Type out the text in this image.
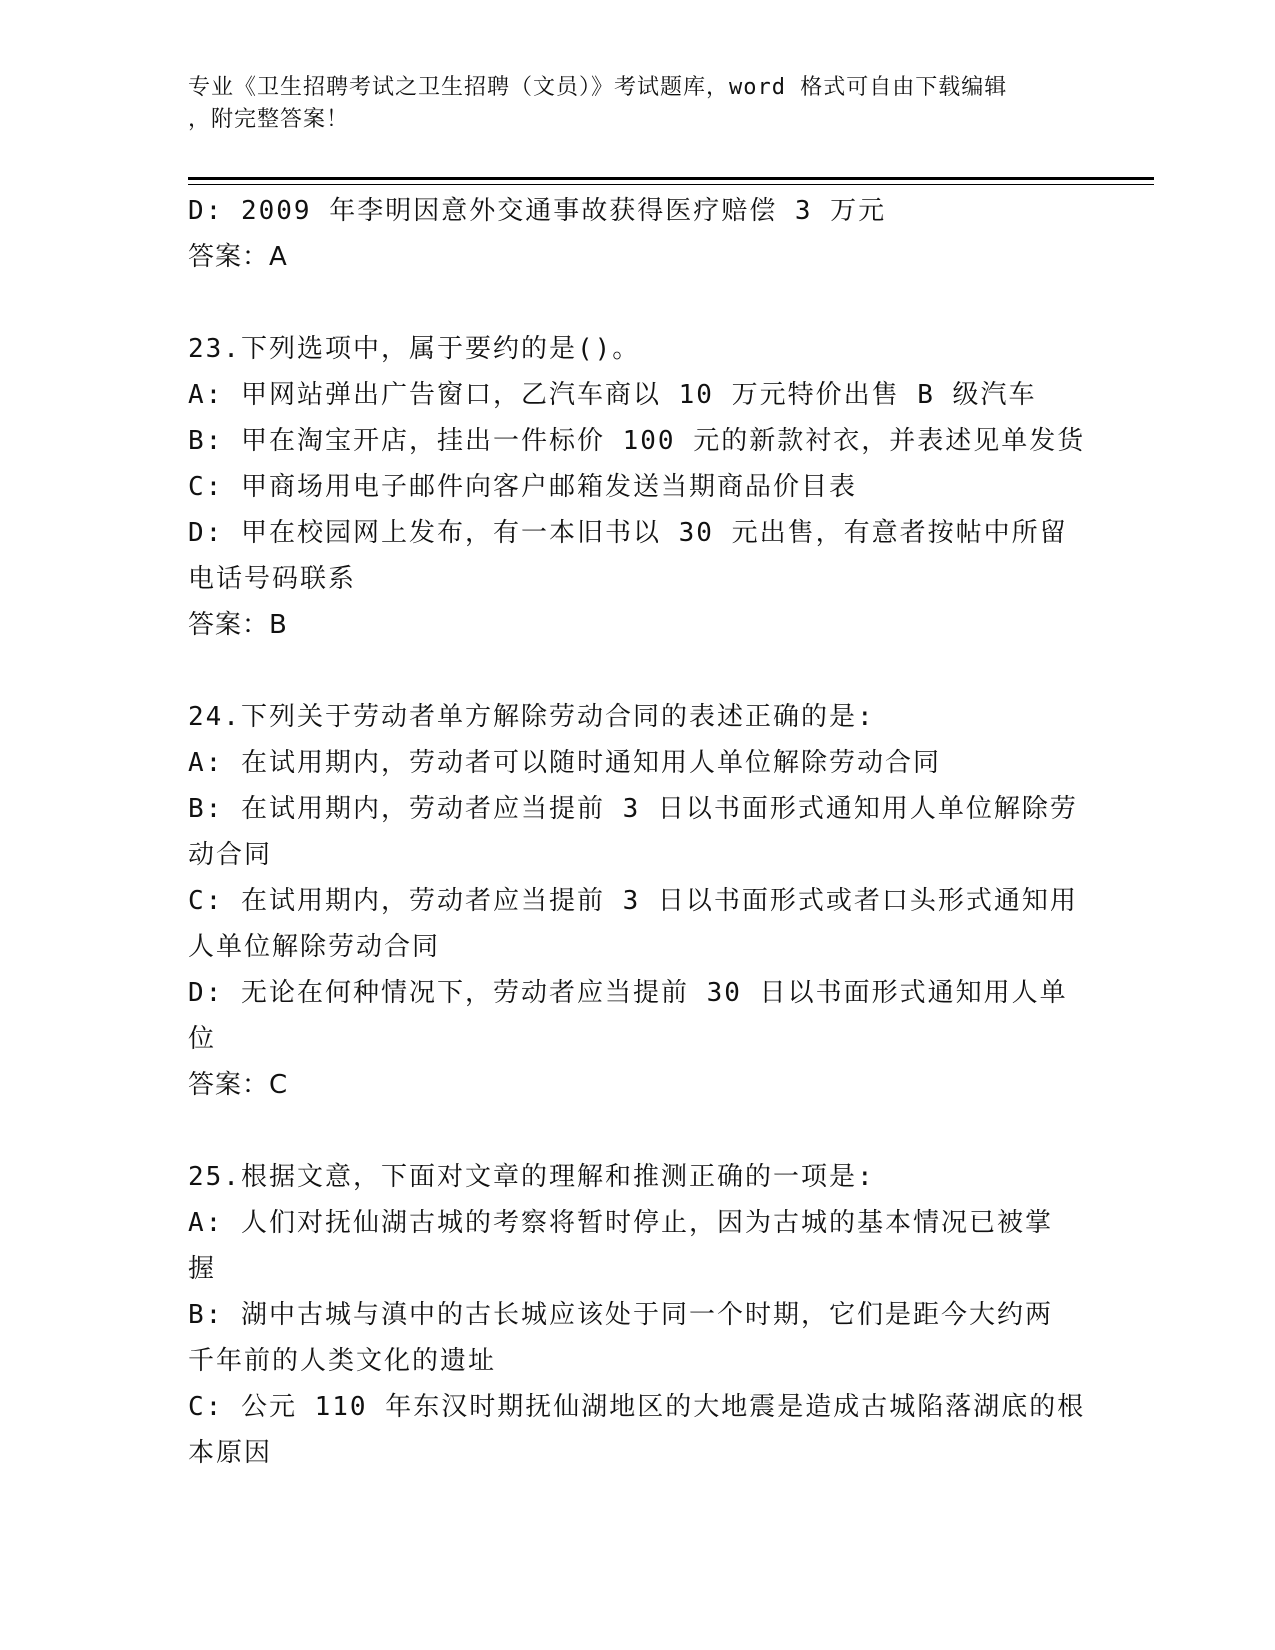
专业《卫生招聘考试之卫生招聘（文员）》考试题库，word 格式可自由下载编辑
，附完整答案！
D: 2009 年李明因意外交通事故获得医疗赔偿 3 万元
答案：A
23.下列选项中，属于要约的是()。
A: 甲网站弹出广告窗口，乙汽车商以 10 万元特价出售 B 级汽车
B: 甲在淘宝开店，挂出一件标价 100 元的新款衬衣，并表述见单发货
C: 甲商场用电子邮件向客户邮箱发送当期商品价目表
D: 甲在校园网上发布，有一本旧书以 30 元出售，有意者按帖中所留
电话号码联系
答案：B
24.下列关于劳动者单方解除劳动合同的表述正确的是:
A: 在试用期内，劳动者可以随时通知用人单位解除劳动合同
B: 在试用期内，劳动者应当提前 3 日以书面形式通知用人单位解除劳
动合同
C: 在试用期内，劳动者应当提前 3 日以书面形式或者口头形式通知用
人单位解除劳动合同
D: 无论在何种情况下，劳动者应当提前 30 日以书面形式通知用人单
位
答案：C
25.根据文意，下面对文章的理解和推测正确的一项是:
A: 人们对抚仙湖古城的考察将暂时停止，因为古城的基本情况已被掌
握
B: 湖中古城与滇中的古长城应该处于同一个时期，它们是距今大约两
千年前的人类文化的遗址
C: 公元 110 年东汉时期抚仙湖地区的大地震是造成古城陷落湖底的根
本原因
